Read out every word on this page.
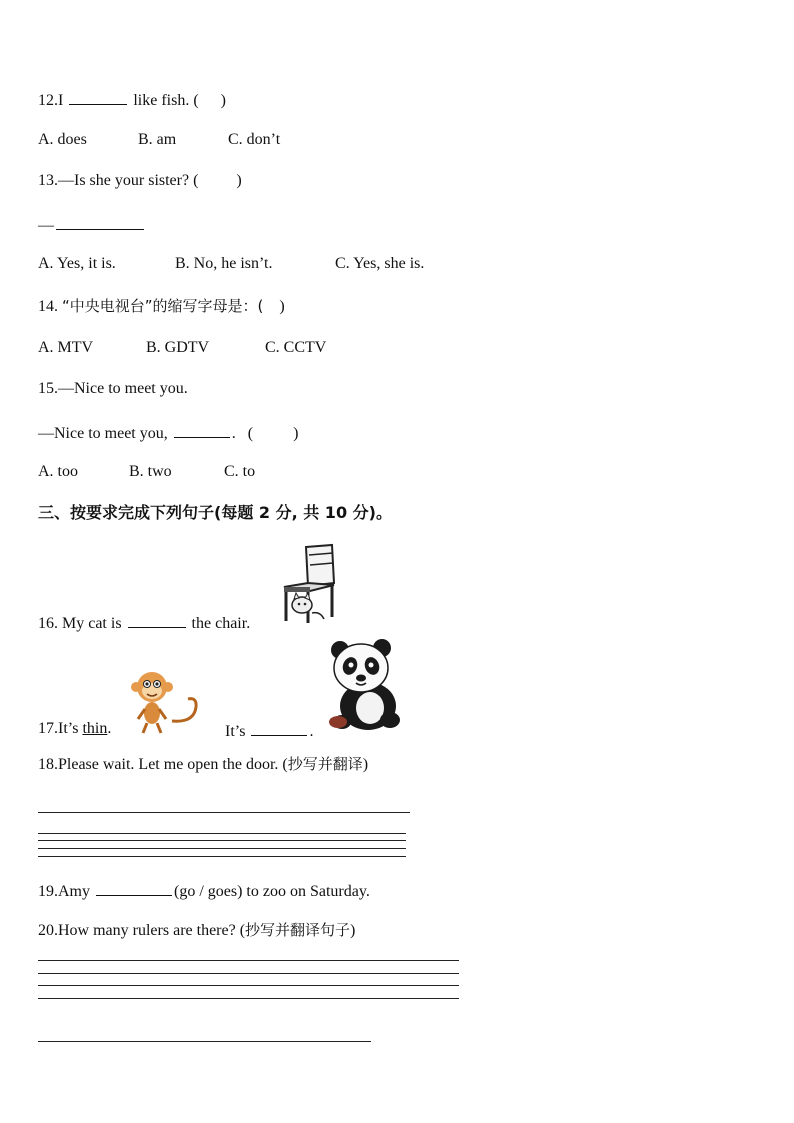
12.I	like fish. ( )
A. does	B. am	C. don’t
13.—Is she your sister? ( )
—
A. Yes, it is.	B. No, he isn’t.	C. Yes, she is.
14. “中央电视台”的缩写字母是：( )
A. MTV	B. GDTV	C. CCTV
15.—Nice to meet you.
—Nice to meet you,	. (	)
A. too	B. two	C. to
三、按要求完成下列句子(每题 2 分, 共 10 分)。
16. My cat is	the chair.
17.It’s thin.	It’s	.
18.Please wait. Let me open the door. (抄写并翻译)
19.Amy	(go / goes) to zoo on Saturday.
20.How many rulers are there? (抄写并翻译句子)
